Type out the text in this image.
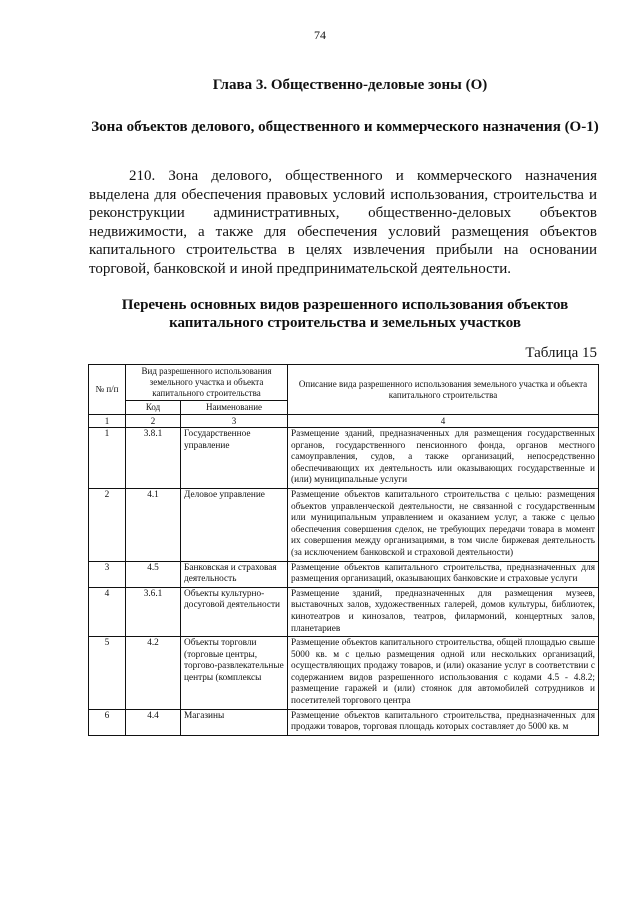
74
Глава 3. Общественно-деловые зоны (О)
Зона объектов делового, общественного и коммерческого назначения (О-1)
210. Зона делового, общественного и коммерческого назначения выделена для обеспечения правовых условий использования, строительства и реконструкции административных, общественно-деловых объектов недвижимости, а также для обеспечения условий размещения объектов капитального строительства в целях извлечения прибыли на основании торговой, банковской и иной предпринимательской деятельности.
Перечень основных видов разрешенного использования объектов капитального строительства и земельных участков
Таблица 15
№ п/п	Вид разрешенного использования земельного участка и объекта капитального строительства		Описание вида разрешенного использования земельного участка и объекта капитального строительства
	Код	Наименование	
1	2	3	4
1	3.8.1	Государственное управление	Размещение зданий, предназначенных для размещения государственных органов, государственного пенсионного фонда, органов местного самоуправления, судов, а также организаций, непосредственно обеспечивающих их деятельность или оказывающих государственные и (или) муниципальные услуги
2	4.1	Деловое управление	Размещение объектов капитального строительства с целью: размещения объектов управленческой деятельности, не связанной с государственным или муниципальным управлением и оказанием услуг, а также с целью обеспечения совершения сделок, не требующих передачи товара в момент их совершения между организациями, в том числе биржевая деятельность (за исключением банковской и страховой деятельности)
3	4.5	Банковская и страховая деятельность	Размещение объектов капитального строительства, предназначенных для размещения организаций, оказывающих банковские и страховые услуги
4	3.6.1	Объекты культурно-досуговой деятельности	Размещение зданий, предназначенных для размещения музеев, выставочных залов, художественных галерей, домов культуры, библиотек, кинотеатров и кинозалов, театров, филармоний, концертных залов, планетариев
5	4.2	Объекты торговли (торговые центры, торгово-развлекательные центры (комплексы	Размещение объектов капитального строительства, общей площадью свыше 5000 кв. м с целью размещения одной или нескольких организаций, осуществляющих продажу товаров, и (или) оказание услуг в соответствии с содержанием видов разрешенного использования с кодами 4.5 - 4.8.2; размещение гаражей и (или) стоянок для автомобилей сотрудников и посетителей торгового центра
6	4.4	Магазины	Размещение объектов капитального строительства, предназначенных для продажи товаров, торговая площадь которых составляет до 5000 кв. м
